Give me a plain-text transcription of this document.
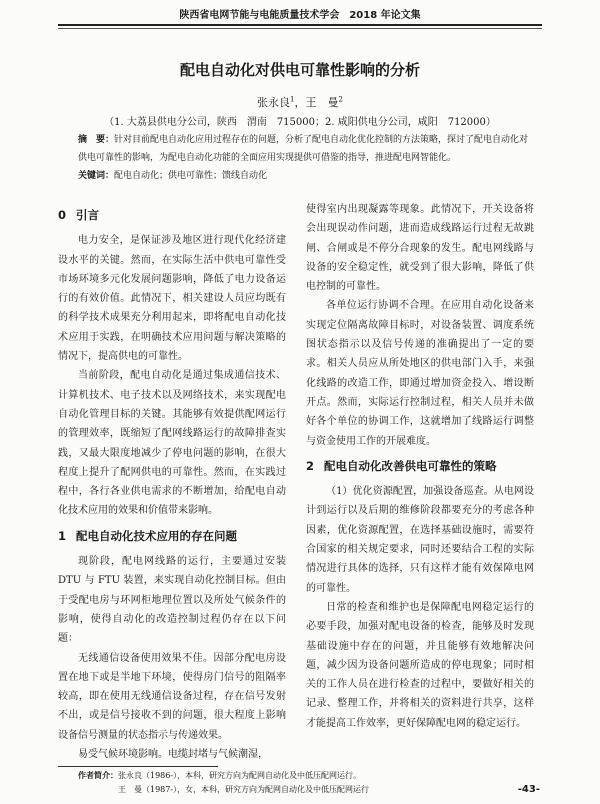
陕西省电网节能与电能质量技术学会　2018 年论文集
配电自动化对供电可靠性影响的分析
张永良$^1$，王　曼$^2$
（1. 大荔县供电分公司，陕西　渭南　715000；2. 咸阳供电分公司，咸阳　712000）
摘　要：针对目前配电自动化应用过程存在的问题，分析了配电自动化优化控制的方法策略，探讨了配电自动化对供电可靠性的影响，为配电自动化功能的全面应用实现提供可借鉴的指导，推进配电网智能化。
关键词：配电自动化；供电可靠性；馈线自动化
0 引言

电力安全，是保证涉及地区进行现代化经济建设水平的关键。然而，在实际生活中供电可靠性受市场环境多元化发展问题影响，降低了电力设备运行的有效价值。此情况下，相关建设人员应均既有的科学技术成果充分利用起来，即将配电自动化技术应用于实践，在明确技术应用问题与解决策略的情况下，提高供电的可靠性。

当前阶段，配电自动化是通过集成通信技术、计算机技术、电子技术以及网络技术，来实现配电自动化管理目标的关键。其能够有效提供配网运行的管理效率，既缩短了配网线路运行的故障排查实践，又最大限度地减少了停电问题的影响，在很大程度上提升了配网供电的可靠性。然而，在实践过程中，各行各业供电需求的不断增加，给配电自动化技术应用的效果和价值带来影响。

1 配电自动化技术应用的存在问题

现阶段，配电网线路的运行，主要通过安装 DTU 与 FTU 装置，来实现自动化控制目标。但由于受配电房与环网柜地理位置以及所处气候条件的影响，使得自动化的改造控制过程仍存在以下问题：

无线通信设备使用效果不佳。因部分配电房设置在地下或是半地下环境，使得房门信号的阻隔率较高，即在使用无线通信设备过程，存在信号发射不出，或是信号接收不到的问题，很大程度上影响设备信号测量的状态指示与传递效果。

易受气候环境影响。电缆封堵与气候潮湿，

使得室内出现凝露等现象。此情况下，开关设备将会出现误动作问题，进而造成线路运行过程无故跳闸、合闸或是不停分合现象的发生。配电网线路与设备的安全稳定性，就受到了很大影响，降低了供电控制的可靠性。

各单位运行协调不合理。在应用自动化设备来实现定位隔离故障目标时，对设备装置、调度系统图状态指示以及信号传递的准确提出了一定的要求。相关人员应从所处地区的供电部门入手，来强化线路的改造工作，即通过增加资金投入、增设断开点。然而，实际运行控制过程，相关人员并未做好各个单位的协调工作，这就增加了线路运行调整与资金使用工作的开展难度。

2 配电自动化改善供电可靠性的策略

（1）优化资源配置，加强设备巡查。从电网设计到运行以及后期的维修阶段都要充分的考虑各种因素，优化资源配置，在选择基础设施时，需要符合国家的相关规定要求，同时还要结合工程的实际情况进行具体的选择，只有这样才能有效保障电网的可靠性。

日常的检查和维护也是保障配电网稳定运行的必要手段，加强对配电设备的检查，能够及时发现基础设施中存在的问题，并且能够有效地解决问题，减少因为设备问题所造成的停电现象；同时相关的工作人员在进行检查的过程中，要做好相关的记录、整理工作，并将相关的资料进行共享，这样才能提高工作效率，更好保障配电网的稳定运行。

作者简介：张永良（1986-），本科，研究方向为配网自动化及中低压配网运行。
王　曼（1987-），女，本科，研究方向为配网自动化及中低压配网运行	-43-
